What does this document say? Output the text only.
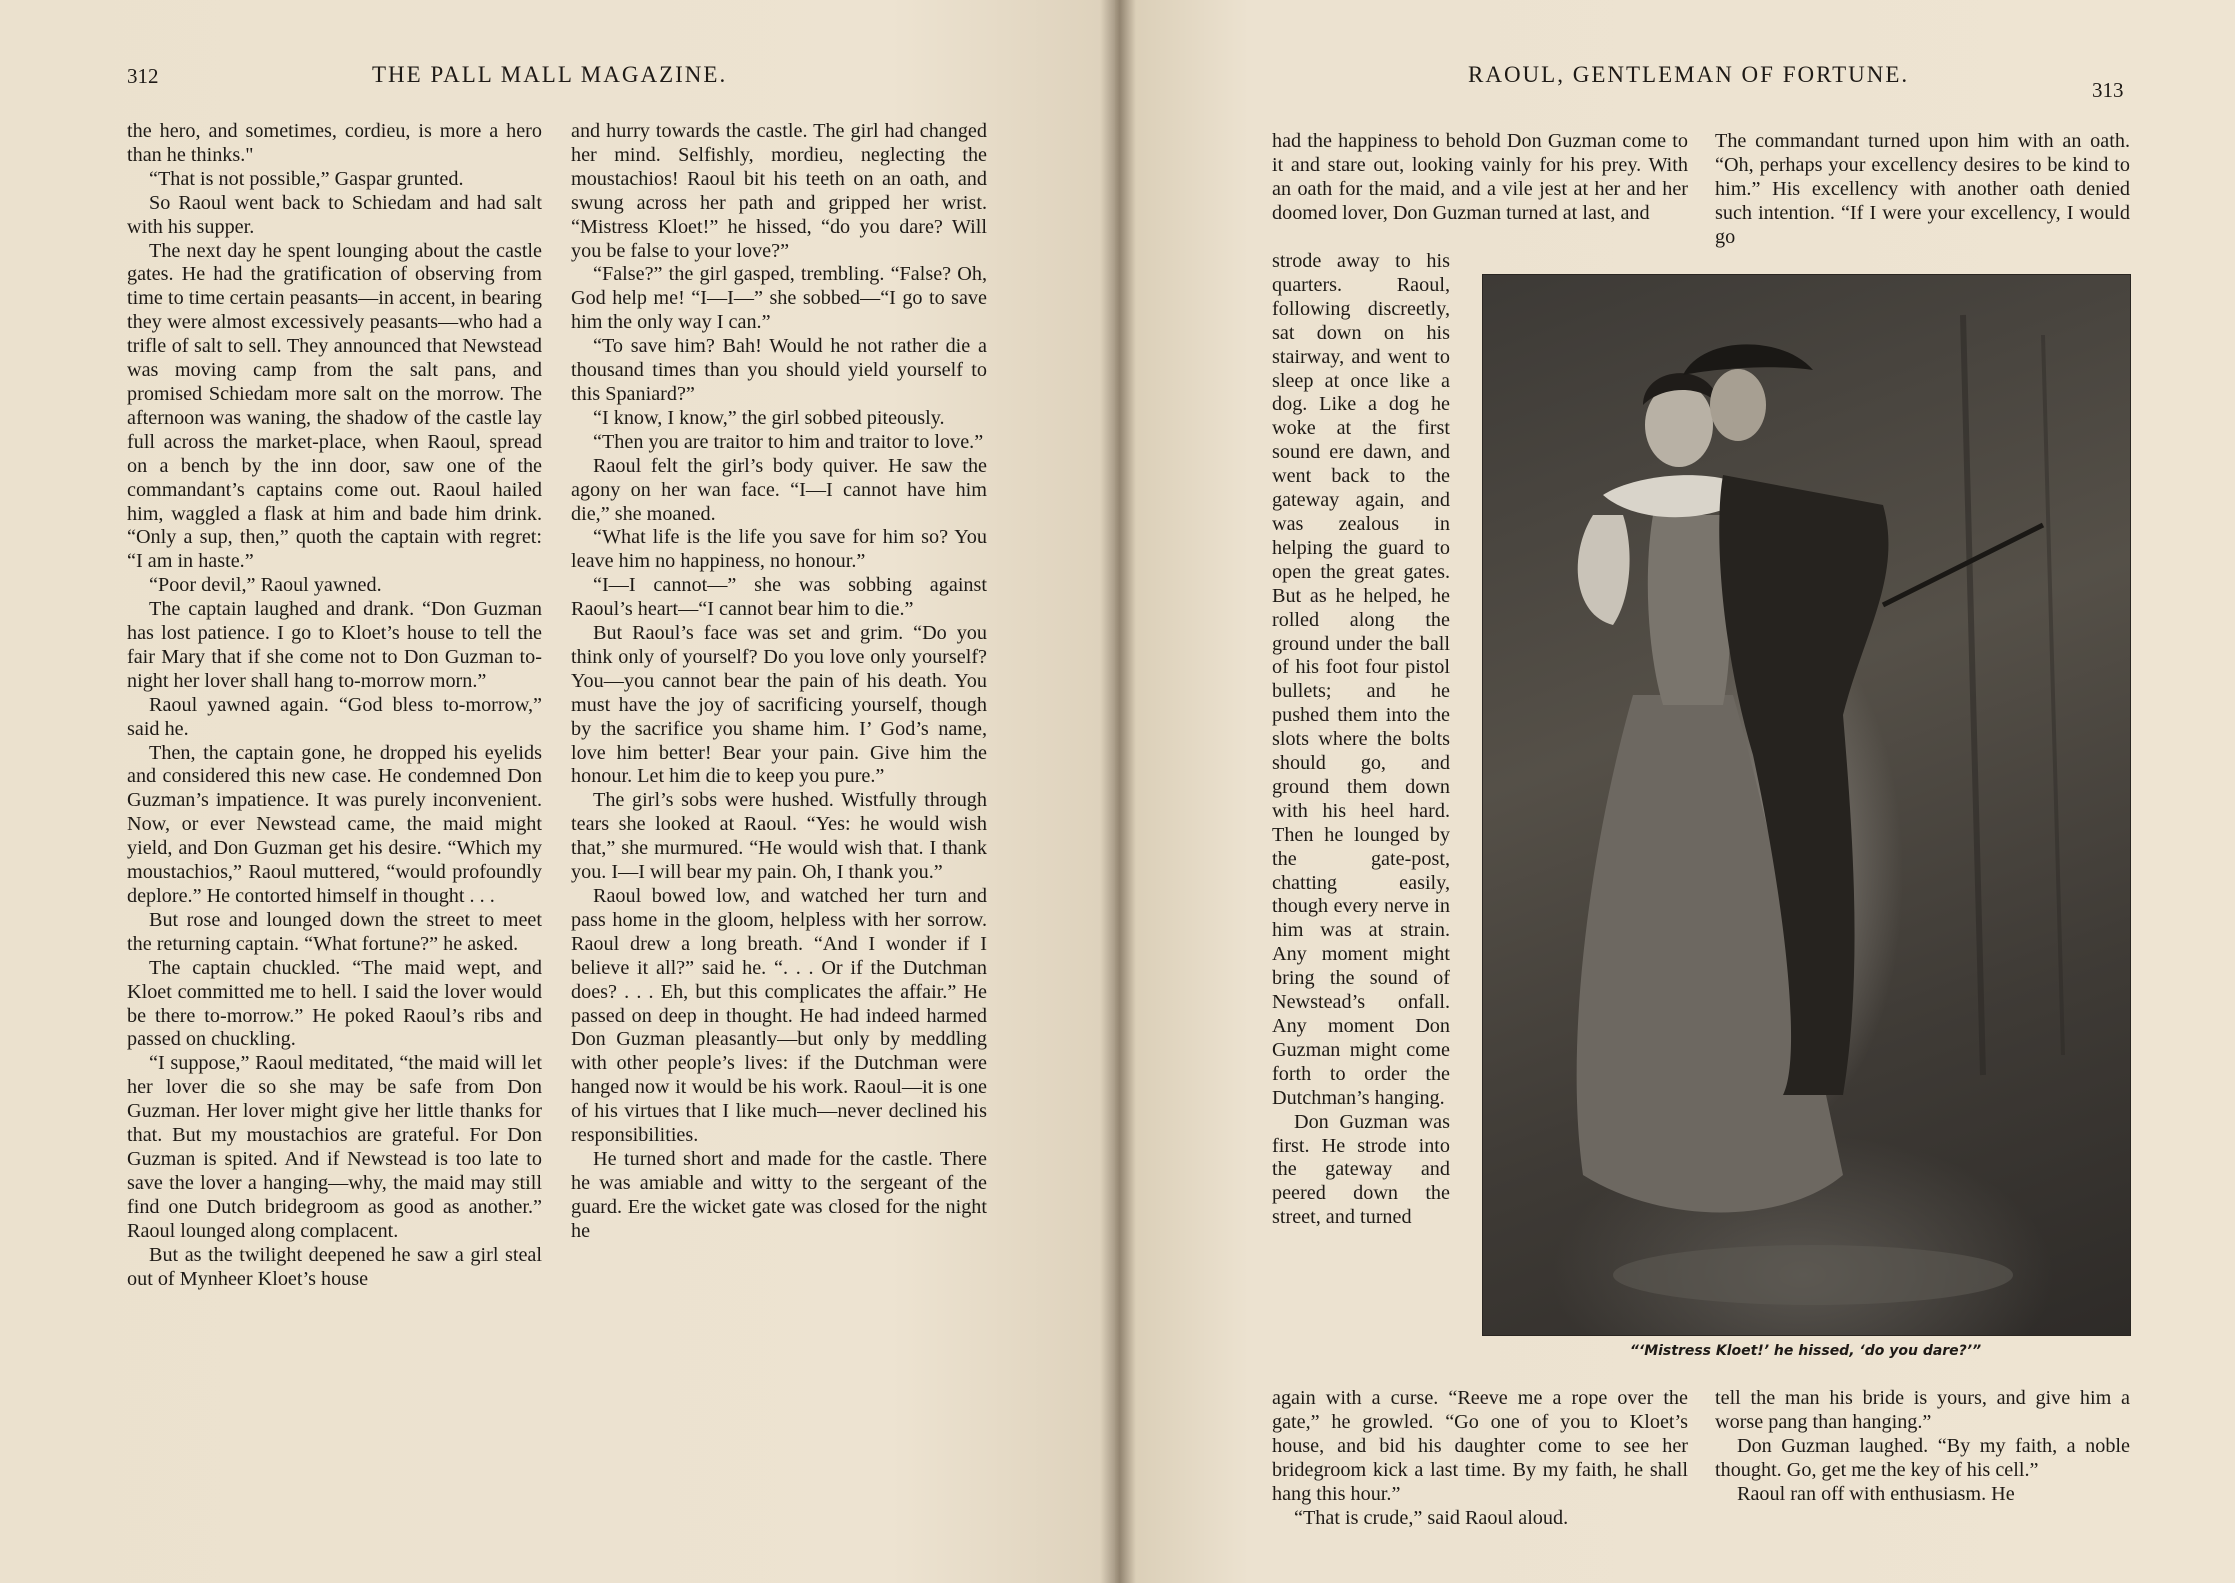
312	THE PALL MALL MAGAZINE.

the hero, and sometimes, cordieu, is more a hero than he thinks."

“That is not possible,” Gaspar grunted.

So Raoul went back to Schiedam and had salt with his supper.

The next day he spent lounging about the castle gates. He had the gratification of observing from time to time certain peasants—in accent, in bearing they were almost excessively peasants—who had a trifle of salt to sell. They announced that Newstead was moving camp from the salt pans, and promised Schiedam more salt on the morrow. The afternoon was waning, the shadow of the castle lay full across the market-place, when Raoul, spread on a bench by the inn door, saw one of the commandant’s captains come out. Raoul hailed him, waggled a flask at him and bade him drink. “Only a sup, then,” quoth the captain with regret: “I am in haste.”

“Poor devil,” Raoul yawned.

The captain laughed and drank. “Don Guzman has lost patience. I go to Kloet’s house to tell the fair Mary that if she come not to Don Guzman to-night her lover shall hang to-morrow morn.”

Raoul yawned again. “God bless to-morrow,” said he.

Then, the captain gone, he dropped his eyelids and considered this new case. He condemned Don Guzman’s impatience. It was purely inconvenient. Now, or ever Newstead came, the maid might yield, and Don Guzman get his desire. “Which my moustachios,” Raoul muttered, “would profoundly deplore.” He contorted himself in thought . . .

But rose and lounged down the street to meet the returning captain. “What fortune?” he asked.

The captain chuckled. “The maid wept, and Kloet committed me to hell. I said the lover would be there to-morrow.” He poked Raoul’s ribs and passed on chuckling.

“I suppose,” Raoul meditated, “the maid will let her lover die so she may be safe from Don Guzman. Her lover might give her little thanks for that. But my moustachios are grateful. For Don Guzman is spited. And if Newstead is too late to save the lover a hanging—why, the maid may still find one Dutch bridegroom as good as another.” Raoul lounged along complacent.

But as the twilight deepened he saw a girl steal out of Mynheer Kloet’s house

and hurry towards the castle. The girl had changed her mind. Selfishly, mordieu, neglecting the moustachios! Raoul bit his teeth on an oath, and swung across her path and gripped her wrist. “Mistress Kloet!” he hissed, “do you dare? Will you be false to your love?”

“False?” the girl gasped, trembling. “False? Oh, God help me! “I—I—” she sobbed—“I go to save him the only way I can.”

“To save him? Bah! Would he not rather die a thousand times than you should yield yourself to this Spaniard?”

“I know, I know,” the girl sobbed piteously.

“Then you are traitor to him and traitor to love.”

Raoul felt the girl’s body quiver. He saw the agony on her wan face. “I—I cannot have him die,” she moaned.

“What life is the life you save for him so? You leave him no happiness, no honour.”

“I—I cannot—” she was sobbing against Raoul’s heart—“I cannot bear him to die.”

But Raoul’s face was set and grim. “Do you think only of yourself? Do you love only yourself? You—you cannot bear the pain of his death. You must have the joy of sacrificing yourself, though by the sacrifice you shame him. I’ God’s name, love him better! Bear your pain. Give him the honour. Let him die to keep you pure.”

The girl’s sobs were hushed. Wistfully through tears she looked at Raoul. “Yes: he would wish that,” she murmured. “He would wish that. I thank you. I—I will bear my pain. Oh, I thank you.”

Raoul bowed low, and watched her turn and pass home in the gloom, helpless with her sorrow. Raoul drew a long breath. “And I wonder if I believe it all?” said he. “. . . Or if the Dutchman does? . . . Eh, but this complicates the affair.” He passed on deep in thought. He had indeed harmed Don Guzman pleasantly—but only by meddling with other people’s lives: if the Dutchman were hanged now it would be his work. Raoul—it is one of his virtues that I like much—never declined his responsibilities.

He turned short and made for the castle. There he was amiable and witty to the sergeant of the guard. Ere the wicket gate was closed for the night he

RAOUL, GENTLEMAN OF FORTUNE.
313

had the happiness to behold Don Guzman come to it and stare out, looking vainly for his prey. With an oath for the maid, and a vile jest at her and her doomed lover, Don Guzman turned at last, and

The commandant turned upon him with an oath. “Oh, perhaps your excellency desires to be kind to him.” His excellency with another oath denied such intention. “If I were your excellency, I would go

strode away to his quarters. Raoul, following discreetly, sat down on his stairway, and went to sleep at once like a dog. Like a dog he woke at the first sound ere dawn, and went back to the gateway again, and was zealous in helping the guard to open the great gates. But as he helped, he rolled along the ground under the ball of his foot four pistol bullets; and he pushed them into the slots where the bolts should go, and ground them down with his heel hard. Then he lounged by the gate-post, chatting easily, though every nerve in him was at strain. Any moment might bring the sound of Newstead’s onfall. Any moment Don Guzman might come forth to order the Dutchman’s hanging.

Don Guzman was first. He strode into the gateway and peered down the street, and turned

“‘Mistress Kloet!’ he hissed, ‘do you dare?’”

again with a curse. “Reeve me a rope over the gate,” he growled. “Go one of you to Kloet’s house, and bid his daughter come to see her bridegroom kick a last time. By my faith, he shall hang this hour.”

“That is crude,” said Raoul aloud.

tell the man his bride is yours, and give him a worse pang than hanging.”

Don Guzman laughed. “By my faith, a noble thought. Go, get me the key of his cell.”

Raoul ran off with enthusiasm. He
